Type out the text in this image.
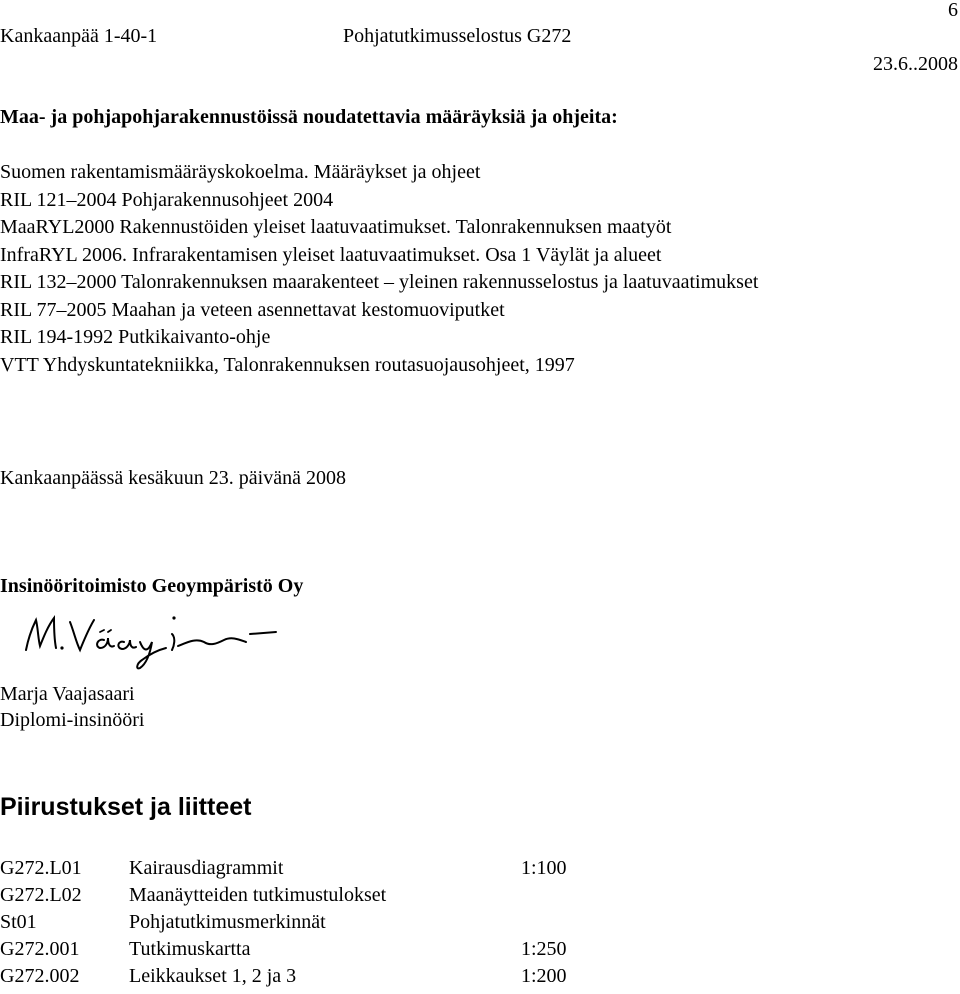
Kankaanpää 1-40-1	Pohjatutkimusselostus G272
6
23.6..2008
Maa- ja pohjapohjarakennustöissä noudatettavia määräyksiä ja ohjeita:
Suomen rakentamismääräyskokoelma. Määräykset ja ohjeet
RIL 121–2004 Pohjarakennusohjeet 2004
MaaRYL2000 Rakennustöiden yleiset laatuvaatimukset. Talonrakennuksen maatyöt
InfraRYL 2006. Infrarakentamisen yleiset laatuvaatimukset. Osa 1 Väylät ja alueet
RIL 132–2000 Talonrakennuksen maarakenteet – yleinen rakennusselostus ja laatuvaatimukset
RIL 77–2005 Maahan ja veteen asennettavat kestomuoviputket
RIL 194-1992 Putkikaivanto-ohje
VTT Yhdyskuntatekniikka, Talonrakennuksen routasuojausohjeet, 1997
Kankaanpäässä kesäkuun 23. päivänä 2008
Insinööritoimisto Geoympäristö Oy
Marja Vaajasaari
Diplomi-insinööri
Piirustukset ja liitteet
G272.L01 Kairausdiagrammit	1:100
G272.L02 Maanäytteiden tutkimustulokset
St01	Pohjatutkimusmerkinnät
G272.001 Tutkimuskartta	1:250
G272.002 Leikkaukset 1, 2 ja 3	1:200
